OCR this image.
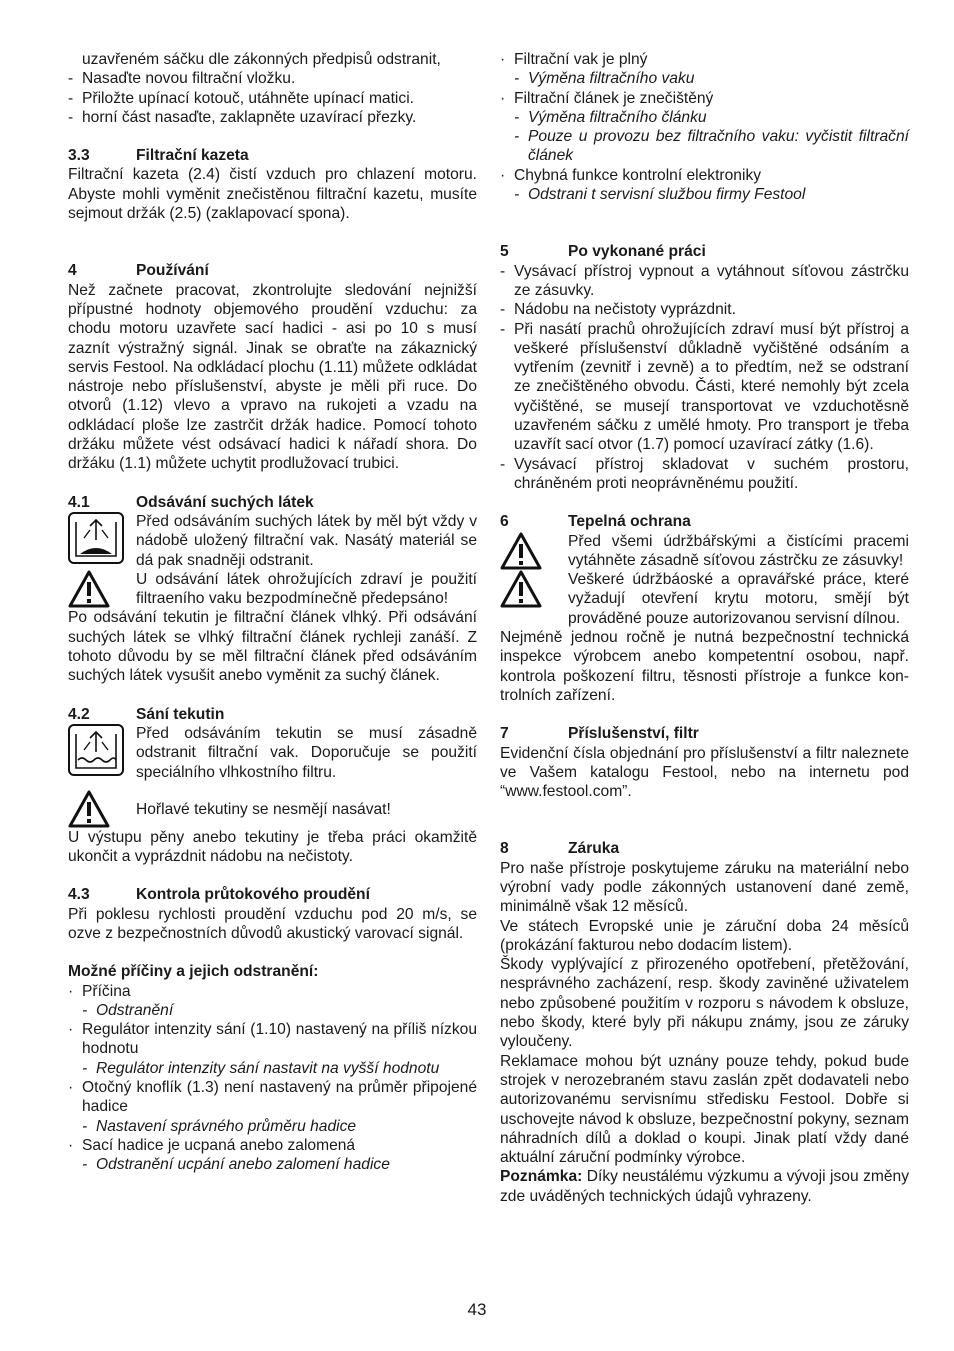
uzavřeném sáčku dle zákonných předpisů odstranit,

- Nasaďte novou filtrační vložku.
- Přiložte upínací kotouč, utáhněte upínací matici.
- horní část nasaďte, zaklapněte uzavírací přezky.
3.3	Filtrační kazeta

Filtrační kazeta (2.4) čistí vzduch pro chlazení motoru. Abyste mohli vyměnit znečistěnou filtrační kazetu, musíte sejmout držák (2.5) (zaklapovací spona).

4	Používání

Než začnete pracovat, zkontrolujte sledování nejnižší přípustné hodnoty objemového proudění vzduchu: za chodu motoru uzavřete sací hadici - asi po 10 s musí zaznít výstražný signál. Jinak se obraťte na zákaznický servis Festool. Na odkládací plochu (1.11) můžete odkládat nástroje nebo příslušenství, abyste je měli při ruce. Do otvorů (1.12) vlevo a vpravo na rukojeti a vzadu na odkládací ploše lze zastrčit držák hadice. Pomocí tohoto držáku můžete vést odsávací hadici k nářadí shora. Do držáku (1.1) můžete uchytit prodlužovací trubici.

4.1	Odsávání suchých látek

Před odsáváním suchých látek by měl být vždy v nádobě uložený filtrační vak. Nasátý materiál se dá pak snadněji odstranit.

U odsávání látek ohrožujících zdraví je použití filtraeního vaku bezpodmínečně předepsáno!

Po odsávání tekutin je filtrační článek vlhký. Při odsávání suchých látek se vlhký filtrační článek rychleji zanáší. Z tohoto důvodu by se měl filtrační článek před odsáváním suchých látek vysušit anebo vyměnit za suchý článek.

4.2	Sání tekutin

Před odsáváním tekutin se musí zásadně odstranit filtrační vak. Doporučuje se použití speciálního vlhkostního filtru.

Hořlavé tekutiny se nesmějí nasávat!

U výstupu pěny anebo tekutiny je třeba práci okamžitě ukončit a vyprázdnit nádobu na nečistoty.

4.3	Kontrola průtokového proudění

Při poklesu rychlosti proudění vzduchu pod 20 m/s, se ozve z bezpečnostních důvodů akustický varovací signál.

Možné příčiny a jejich odstranění:

· Příčina
- Odstranění
· Regulátor intenzity sání (1.10) nastavený na příliš nízkou hodnotu
- Regulátor intenzity sání nastavit na vyšší hodnotu
· Otočný knoflík (1.3) není nastavený na průměr připojené hadice
- Nastavení správného průměru hadice
· Sací hadice je ucpaná anebo zalomená
- Odstranění ucpání anebo zalomení hadice
· Filtrační vak je plný
- Výměna filtračního vaku
· Filtrační článek je znečištěný
- Výměna filtračního článku
- Pouze u provozu bez filtračního vaku: vyčistit filtrační článek
· Chybná funkce kontrolní elektroniky
- Odstrani t servisní službou firmy Festool
5	Po vykonané práci
- Vysávací přístroj vypnout a vytáhnout síťovou zástrčku ze zásuvky.
- Nádobu na nečistoty vyprázdnit.
- Při nasátí prachů ohrožujících zdraví musí být přístroj a veškeré příslušenství důkladně vyčištěné odsáním a vytřením (zevnitř i zevně) a to předtím, než se odstraní ze znečištěného obvodu. Části, které nemohly být zcela vyčištěné, se musejí transportovat ve vzduchotěsně uzavřeném sáčku z umělé hmoty. Pro transport je třeba uzavřít sací otvor (1.7) pomocí uzavírací zátky (1.6).
- Vysávací přístroj skladovat v suchém prostoru, chráněném proti neoprávněnému použití.
6	Tepelná ochrana

Před všemi údržbářskými a čistícími pracemi vytáhněte zásadně síťovou zástrčku ze zásuvky!

Veškeré údržbáoské a opravářské práce, které vyžadují otevření krytu motoru, smějí být prováděné pouze autorizovanou servisní dílnou.

Nejméně jednou ročně je nutná bezpečnostní technická inspekce výrobcem anebo kompetentní osobou, např. kontrola poškození filtru, těsnosti přístroje a funkce kon-trolních zařízení.

7	Příslušenství, filtr

Evidenční čísla objednání pro příslušenství a filtr naleznete ve Vašem katalogu Festool, nebo na internetu pod “www.festool.com”.

8	Záruka

Pro naše přístroje poskytujeme záruku na materiální nebo výrobní vady podle zákonných ustanovení dané země, minimálně však 12 měsíců.

Ve státech Evropské unie je záruční doba 24 měsíců (prokázání fakturou nebo dodacím listem).

Škody vyplývající z přirozeného opotřebení, přetěžování, nesprávného zacházení, resp. škody zaviněné uživatelem nebo způsobené použitím v rozporu s návodem k obsluze, nebo škody, které byly při nákupu známy, jsou ze záruky vyloučeny.

Reklamace mohou být uznány pouze tehdy, pokud bude strojek v nerozebraném stavu zaslán zpět dodavateli nebo autorizovanému servisnímu středisku Festool. Dobře si uschovejte návod k obsluze, bezpečnostní pokyny, seznam náhradních dílů a doklad o koupi. Jinak platí vždy dané aktuální záruční podmínky výrobce.

Poznámka: Díky neustálému výzkumu a vývoji jsou změny zde uváděných technických údajů vyhrazeny.

43
